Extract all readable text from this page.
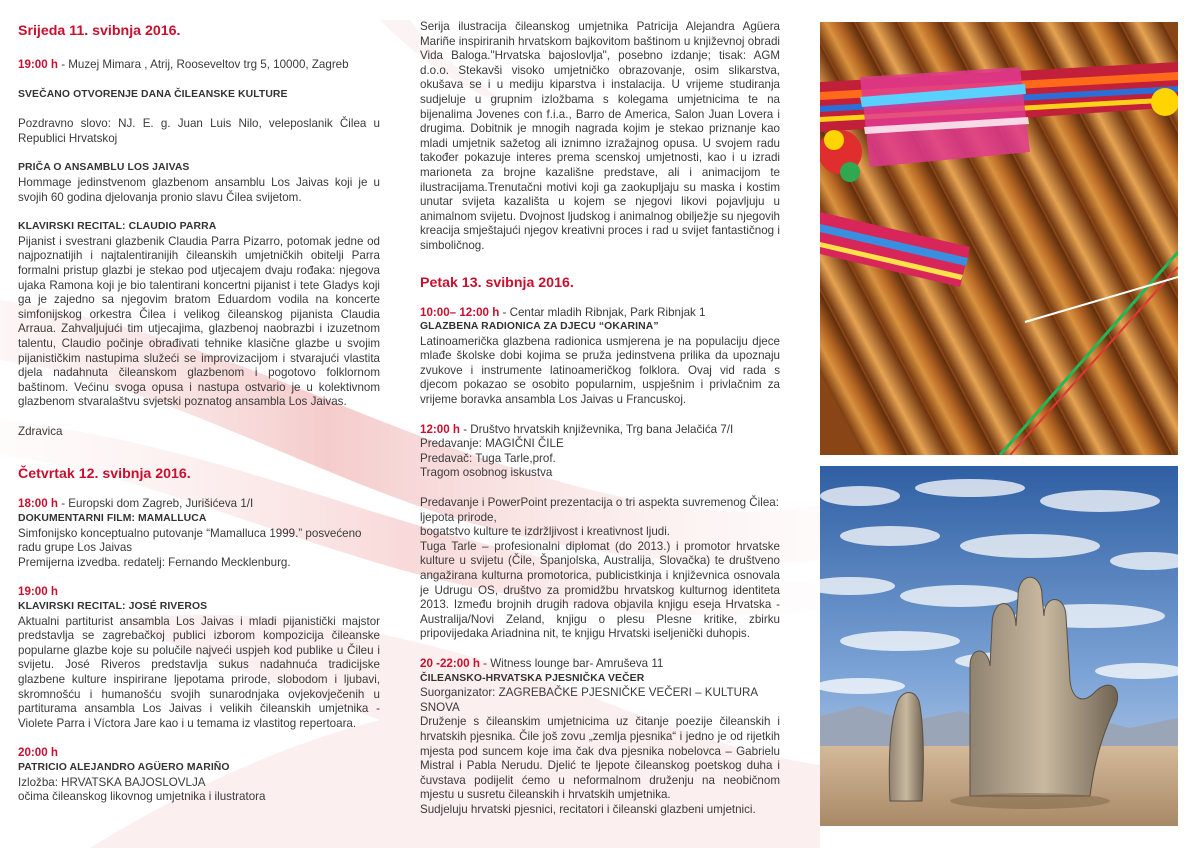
Srijeda 11. svibnja 2016.

19:00 h - Muzej Mimara , Atrij, Rooseveltov trg 5, 10000, Zagreb

SVEČANO OTVORENJE DANA ČILEANSKE KULTURE

Pozdravno slovo: NJ. E. g. Juan Luis Nilo, veleposlanik Čilea u Republici Hrvatskoj

PRIČA O ANSAMBLU LOS JAIVAS

Hommage jedinstvenom glazbenom ansamblu Los Jaivas koji je u svojih 60 godina djelovanja pronio slavu Čilea svijetom.

KLAVIRSKI RECITAL: CLAUDIO PARRA

Pijanist i svestrani glazbenik Claudia Parra Pizarro, potomak jedne od najpoznatijih i najtalentiranijih čileanskih umjetničkih obitelji Parra formalni pristup glazbi je stekao pod utjecajem dvaju rođaka: njegova ujaka Ramona koji je bio talentirani koncertni pijanist i tete Gladys koji ga je zajedno sa njegovim bratom Eduardom vodila na koncerte simfonijskog orkestra Čilea i velikog čileanskog pijanista Claudia Arraua. Zahvaljujući tim utjecajima, glazbenoj naobrazbi i izuzetnom talentu, Claudio počinje obrađivati tehnike klasične glazbe u svojim pijanističkim nastupima služeći se improvizacijom i stvarajući vlastita djela nadahnuta čileanskom glazbenom i pogotovo folklornom baštinom. Većinu svoga opusa i nastupa ostvario je u kolektivnom glazbenom stvaralaštvu svjetski poznatog ansambla Los Jaivas.

Zdravica

Četvrtak 12. svibnja 2016.

18:00 h - Europski dom Zagreb, Jurišićeva 1/I

DOKUMENTARNI FILM: MAMALLUCA

Simfonijsko konceptualno putovanje “Mamalluca 1999.” posvećeno radu grupe Los Jaivas

Premijerna izvedba. redatelj: Fernando Mecklenburg.

19:00 h

KLAVIRSKI RECITAL: JOSÉ RIVEROS

Aktualni partiturist ansambla Los Jaivas i mladi pijanistički majstor predstavlja se zagrebačkoj publici izborom kompozicija čileanske popularne glazbe koje su polučile najveći uspjeh kod publike u Čileu i svijetu. José Riveros predstavlja sukus nadahnuća tradicijske glazbene kulture inspirirane ljepotama prirode, slobodom i ljubavi, skromnošću i humanošću svojih sunarodnjaka ovjekovječenih u partiturama ansambla Los Jaivas i velikih čileanskih umjetnika - Violete Parra i Víctora Jare kao i u temama iz vlastitog repertoara.

20:00 h

PATRICIO ALEJANDRO AGÜERO MARIÑO

Izložba: HRVATSKA BAJOSLOVLJA

očima čileanskog likovnog umjetnika i ilustratora

Serija ilustracija čileanskog umjetnika Patricija Alejandra Agüera Mariñe inspiriranih hrvatskom bajkovitom baštinom u književnoj obradi Vida Baloga."Hrvatska bajoslovlja", posebno izdanje; tisak: AGM d.o.o. Stekavši visoko umjetničko obrazovanje, osim slikarstva, okušava se i u mediju kiparstva i instalacija. U vrijeme studiranja sudjeluje u grupnim izložbama s kolegama umjetnicima te na bijenalima Jovenes con f.i.a., Barro de America, Salon Juan Lovera i drugima. Dobitnik je mnogih nagrada kojim je stekao priznanje kao mladi umjetnik sažetog ali iznimno izražajnog opusa. U svojem radu također pokazuje interes prema scenskoj umjetnosti, kao i u izradi marioneta za brojne kazališne predstave, ali i animacijom te ilustracijama.Trenutačni motivi koji ga zaokupljaju su maska i kostim unutar svijeta kazališta u kojem se njegovi likovi pojavljuju u animalnom svijetu. Dvojnost ljudskog i animalnog obilježje su njegovih kreacija smještajući njegov kreativni proces i rad u svijet fantastičnog i simboličnog.

Petak 13. svibnja 2016.

10:00– 12:00 h - Centar mladih Ribnjak, Park Ribnjak 1

GLAZBENA RADIONICA ZA DJECU “OKARINA”

Latinoamerička glazbena radionica usmjerena je na populaciju djece mlađe školske dobi kojima se pruža jedinstvena prilika da upoznaju zvukove i instrumente latinoameričkog folklora. Ovaj vid rada s djecom pokazao se osobito popularnim, uspješnim i privlačnim za vrijeme boravka ansambla Los Jaivas u Francuskoj.

12:00 h - Društvo hrvatskih književnika, Trg bana Jelačića 7/I

Predavanje: MAGIČNI ČILE

Predavač: Tuga Tarle,prof.

Tragom osobnog iskustva

Predavanje i PowerPoint prezentacija o tri aspekta suvremenog Čilea: ljepota prirode,

bogatstvo kulture te izdržljivost i kreativnost ljudi.

Tuga Tarle – profesionalni diplomat (do 2013.) i promotor hrvatske kulture u svijetu (Čile, Španjolska, Australija, Slovačka) te društveno angažirana kulturna promotorica, publicistkinja i književnica osnovala je Udrugu OS, društvo za promidžbu hrvatskog kulturnog identiteta 2013. Između brojnih drugih radova objavila knjigu eseja Hrvatska - Australija/Novi Zeland, knjigu o plesu Plesne kritike, zbirku pripovijedaka Ariadnina nit, te knjigu Hrvatski iseljenički duhopis.

20 -22:00 h - Witness lounge bar- Amruševa 11

ČILEANSKO-HRVATSKA PJESNIČKA VEČER

Suorganizator: ZAGREBAČKE PJESNIČKE VEČERI – KULTURA SNOVA

Druženje s čileanskim umjetnicima uz čitanje poezije čileanskih i hrvatskih pjesnika. Čile još zovu „zemlja pjesnika“ i jedno je od rijetkih mjesta pod suncem koje ima čak dva pjesnika nobelovca – Gabrielu Mistral i Pabla Nerudu. Djelić te ljepote čileanskog poetskog duha i čuvstava podijelit ćemo u neformalnom druženju na neobičnom mjestu u susretu čileanskih i hrvatskih umjetnika.

Sudjeluju hrvatski pjesnici, recitatori i čileanski glazbeni umjetnici.
